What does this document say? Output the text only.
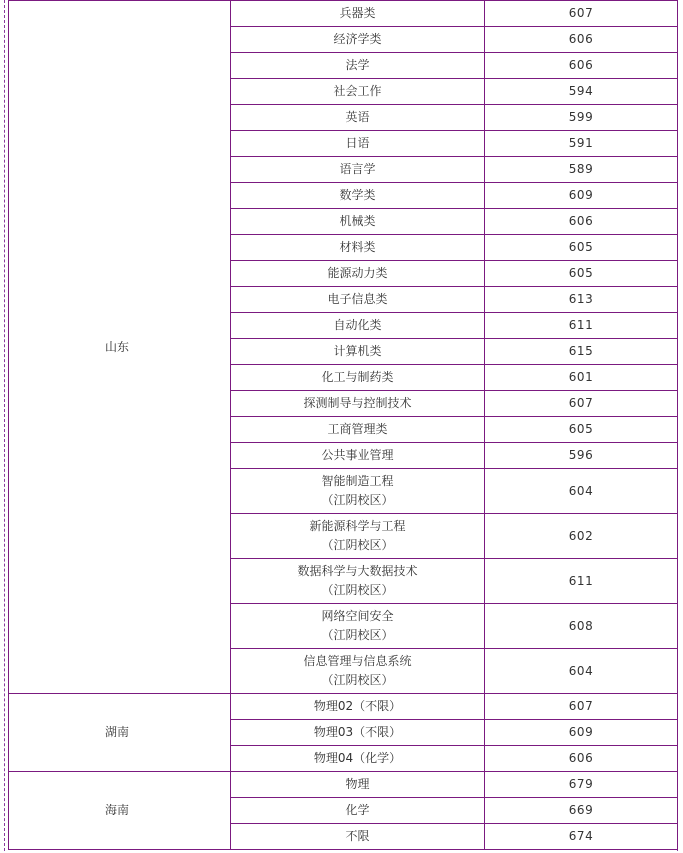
山东	兵器类	607

	经济学类	606

	法学	606

	社会工作	594

	英语	599

	日语	591

	语言学	589

	数学类	609

	机械类	606

	材料类	605

	能源动力类	605

	电子信息类	613

	自动化类	611

	计算机类	615

	化工与制药类	601

	探测制导与控制技术	607

	工商管理类	605

	公共事业管理	596

	智能制造工程
（江阴校区）	604

	新能源科学与工程
（江阴校区）	602

	数据科学与大数据技术
（江阴校区）	611

	网络空间安全
（江阴校区）	608

	信息管理与信息系统
（江阴校区）	604
湖南	物理02（不限）	607

	物理03（不限）	609

	物理04（化学）	606
海南	物理	679

	化学	669

	不限	674
